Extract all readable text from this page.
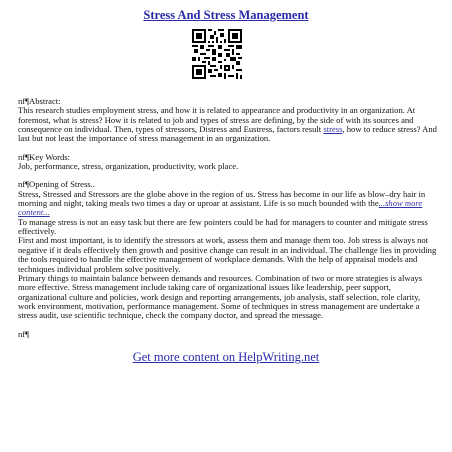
Stress And Stress Management

nf¶Abstract:

This research studies employment stress, and how it is related to appearance and productivity in an organization. At foremost, what is stress? How it is related to job and types of stress are defining, by the side of with its sources and consequence on individual. Then, types of stressors, Distress and Eustress, factors result stress, how to reduce stress? And last but not least the importance of stress management in an organization.

nf¶Key Words:

Job, performance, stress, organization, productivity, work place.

nf¶Opening of Stress..

Stress, Stressed and Stressors are the globe above in the region of us. Stress has become in our life as blow–dry hair in morning and night, taking meals two times a day or uproar at assistant. Life is so much bounded with the...show more content...

To manage stress is not an easy task but there are few pointers could be had for managers to counter and mitigate stress effectively.

First and most important, is to identify the stressors at work, assess them and manage them too. Job stress is always not negative if it deals effectively then growth and positive change can result in an individual. The challenge lies in providing the tools required to handle the effective management of workplace demands. With the help of appraisal models and techniques individual problem solve positively.

Primary things to maintain balance between demands and resources. Combination of two or more strategies is always more effective. Stress management include taking care of organizational issues like leadership, peer support, organizational culture and policies, work design and reporting arrangements, job analysis, staff selection, role clarity, work environment, motivation, performance management. Some of techniques in stress management are undertake a stress audit, use scientific technique, check the company doctor, and spread the message.

nf¶

Get more content on HelpWriting.net
